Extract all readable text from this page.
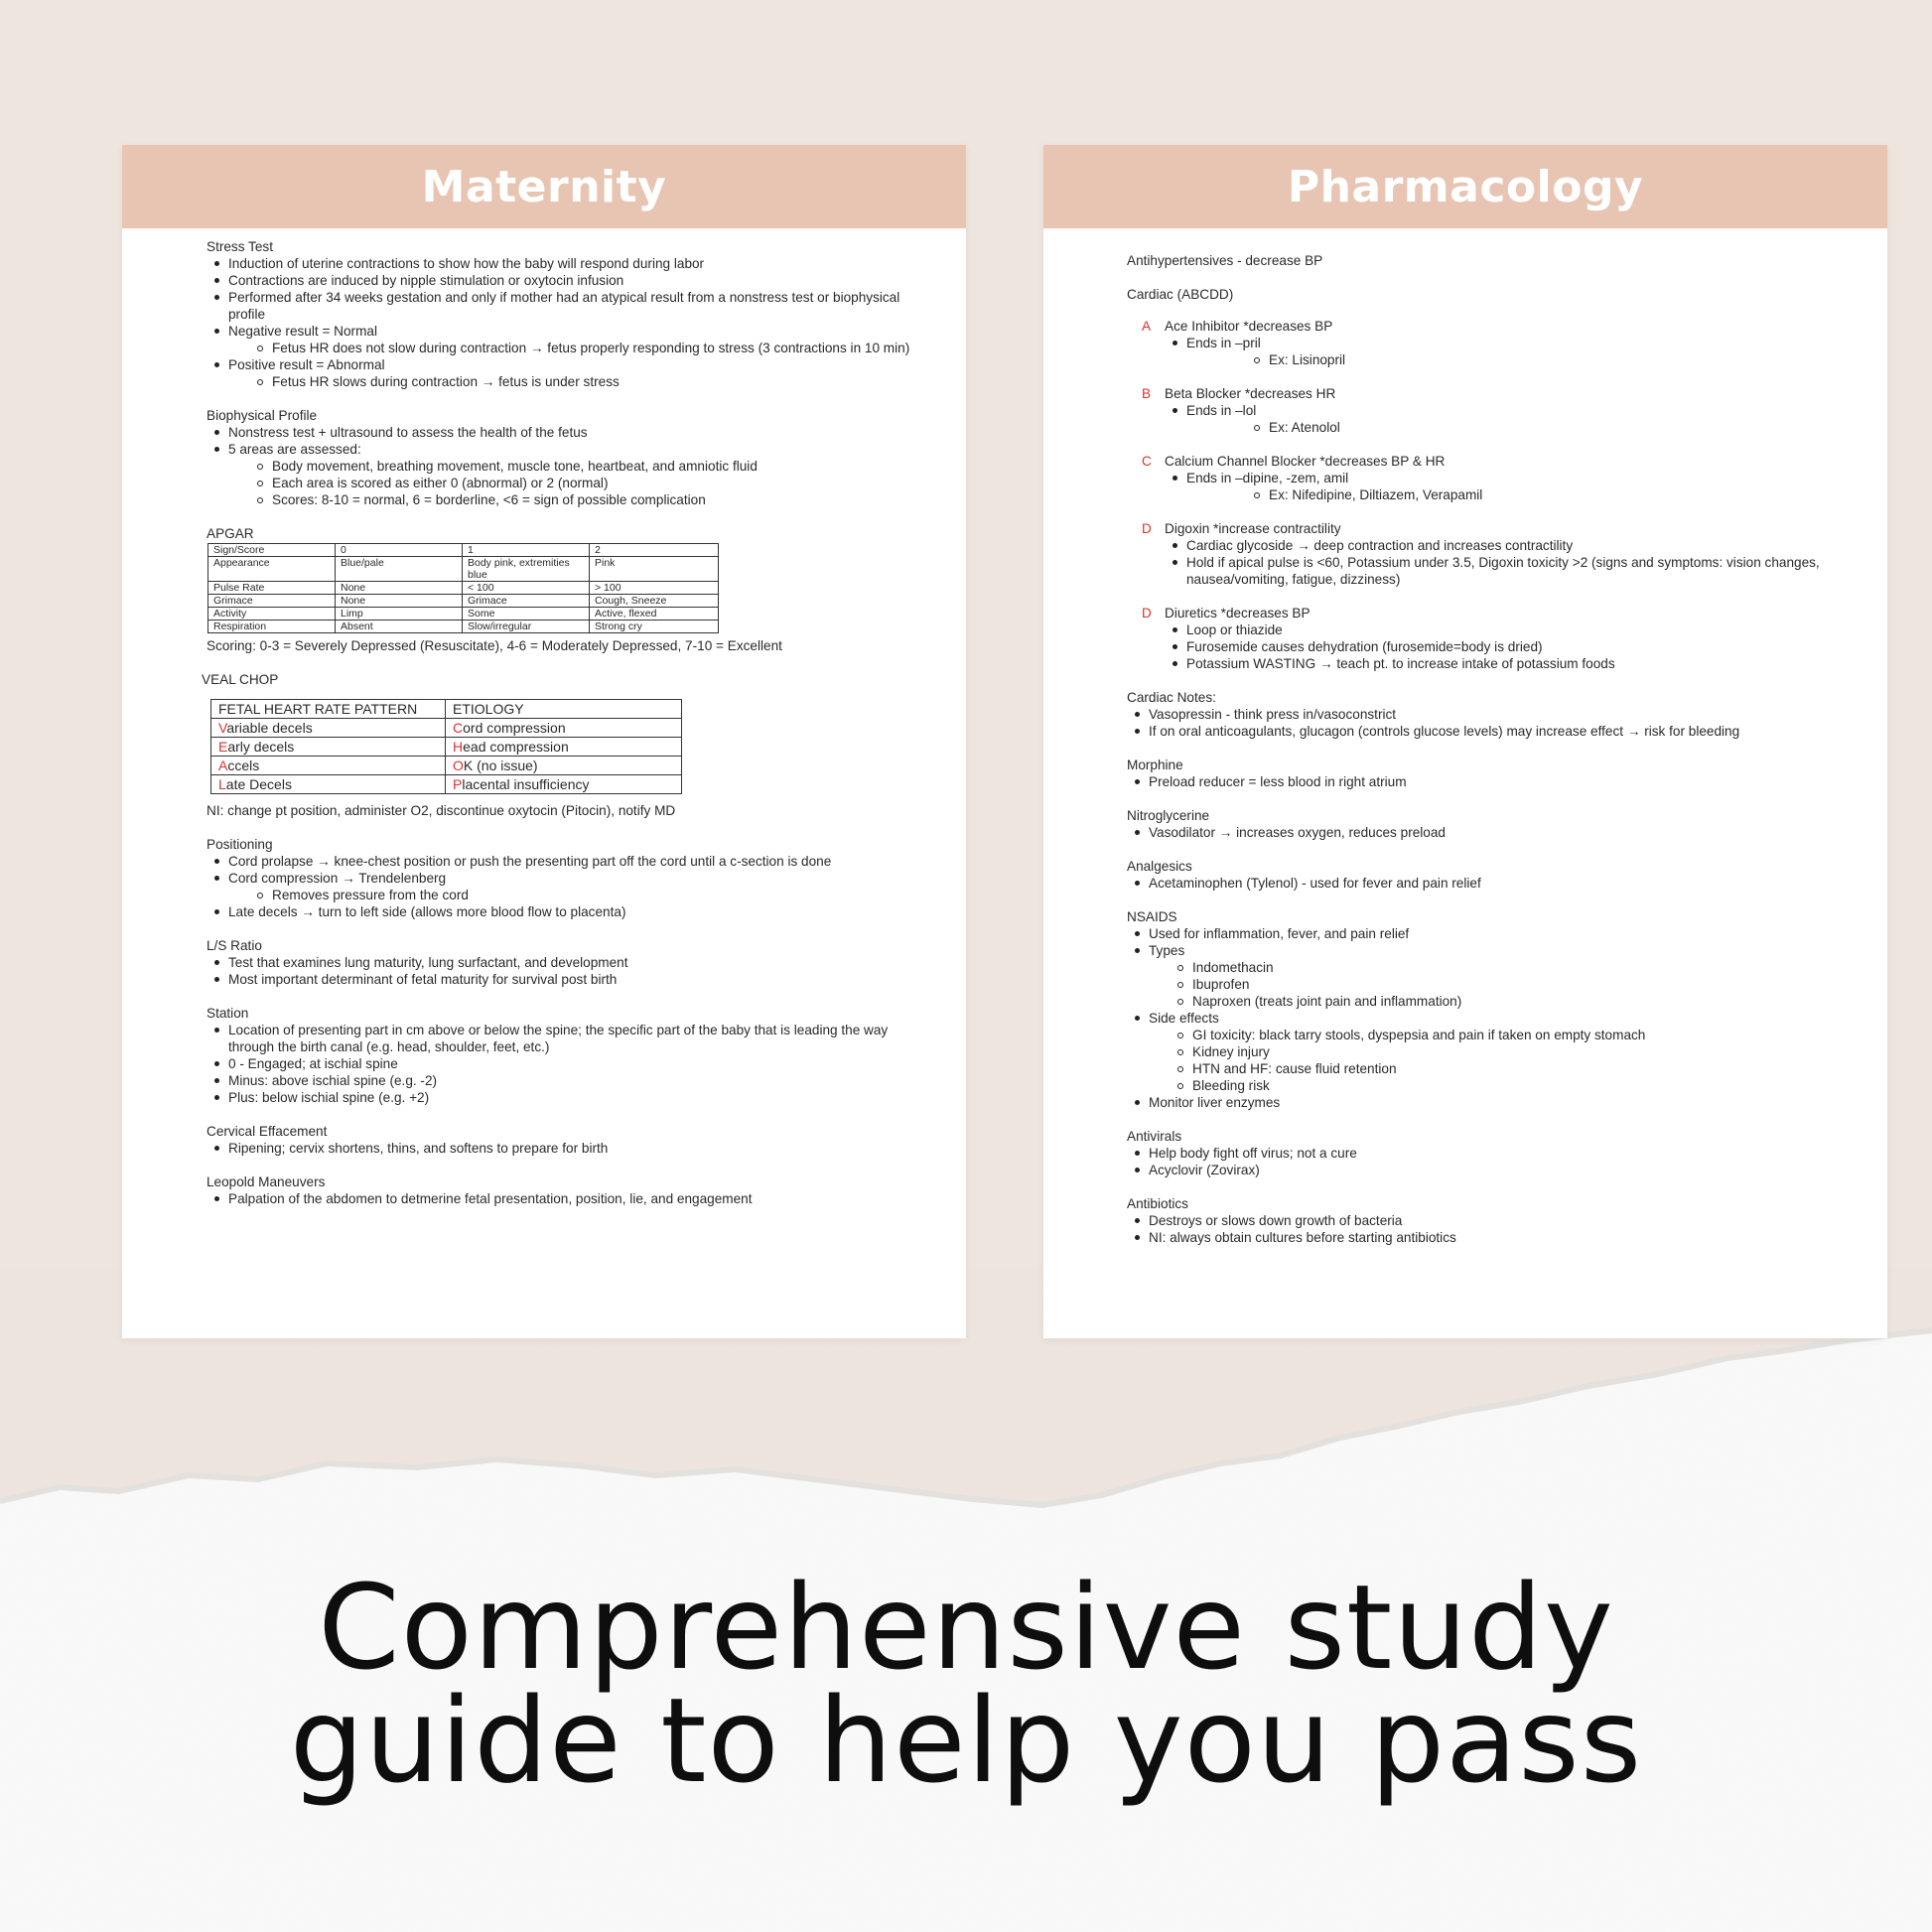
Maternity
Stress Test
Induction of uterine contractions to show how the baby will respond during labor
Contractions are induced by nipple stimulation or oxytocin infusion
Performed after 34 weeks gestation and only if mother had an atypical result from a nonstress test or biophysical profile
Negative result = Normal
Fetus HR does not slow during contraction → fetus properly responding to stress (3 contractions in 10 min)
Positive result = Abnormal
Fetus HR slows during contraction → fetus is under stress
Biophysical Profile
Nonstress test + ultrasound to assess the health of the fetus
5 areas are assessed:
Body movement, breathing movement, muscle tone, heartbeat, and amniotic fluid
Each area is scored as either 0 (abnormal) or 2 (normal)
Scores: 8-10 = normal, 6 = borderline, <6 = sign of possible complication
APGAR
Sign/Score	0	1	2
Appearance	Blue/pale	Body pink, extremities blue	Pink
Pulse Rate	None	< 100	> 100
Grimace	None	Grimace	Cough, Sneeze
Activity	Limp	Some	Active, flexed
Respiration	Absent	Slow/irregular	Strong cry
Scoring: 0-3 = Severely Depressed (Resuscitate), 4-6 = Moderately Depressed, 7-10 = Excellent
VEAL CHOP
FETAL HEART RATE PATTERN	ETIOLOGY
Variable decels	Cord compression
Early decels	Head compression
Accels	OK (no issue)
Late Decels	Placental insufficiency
NI: change pt position, administer O2, discontinue oxytocin (Pitocin), notify MD
Positioning
Cord prolapse → knee-chest position or push the presenting part off the cord until a c-section is done
Cord compression → Trendelenberg
Removes pressure from the cord
Late decels → turn to left side (allows more blood flow to placenta)
L/S Ratio
Test that examines lung maturity, lung surfactant, and development
Most important determinant of fetal maturity for survival post birth
Station
Location of presenting part in cm above or below the spine; the specific part of the baby that is leading the way through the birth canal (e.g. head, shoulder, feet, etc.)
0 - Engaged; at ischial spine
Minus: above ischial spine (e.g. -2)
Plus: below ischial spine (e.g. +2)
Cervical Effacement
Ripening; cervix shortens, thins, and softens to prepare for birth
Leopold Maneuvers
Palpation of the abdomen to detmerine fetal presentation, position, lie, and engagement
Pharmacology
Antihypertensives - decrease BP
Cardiac (ABCDD)
A Ace Inhibitor *decreases BP
Ends in –pril
Ex: Lisinopril
B Beta Blocker *decreases HR
Ends in –lol
Ex: Atenolol
C Calcium Channel Blocker *decreases BP & HR
Ends in –dipine, -zem, amil
Ex: Nifedipine, Diltiazem, Verapamil
D Digoxin *increase contractility
Cardiac glycoside → deep contraction and increases contractility
Hold if apical pulse is <60, Potassium under 3.5, Digoxin toxicity >2 (signs and symptoms: vision changes, nausea/vomiting, fatigue, dizziness)
D Diuretics *decreases BP
Loop or thiazide
Furosemide causes dehydration (furosemide=body is dried)
Potassium WASTING → teach pt. to increase intake of potassium foods
Cardiac Notes:
Vasopressin - think press in/vasoconstrict
If on oral anticoagulants, glucagon (controls glucose levels) may increase effect → risk for bleeding
Morphine
Preload reducer = less blood in right atrium
Nitroglycerine
Vasodilator → increases oxygen, reduces preload
Analgesics
Acetaminophen (Tylenol) - used for fever and pain relief
NSAIDS
Used for inflammation, fever, and pain relief
Types
Indomethacin
Ibuprofen
Naproxen (treats joint pain and inflammation)
Side effects
GI toxicity: black tarry stools, dyspepsia and pain if taken on empty stomach
Kidney injury
HTN and HF: cause fluid retention
Bleeding risk
Monitor liver enzymes
Antivirals
Help body fight off virus; not a cure
Acyclovir (Zovirax)
Antibiotics
Destroys or slows down growth of bacteria
NI: always obtain cultures before starting antibiotics
Comprehensive study
guide to help you pass
